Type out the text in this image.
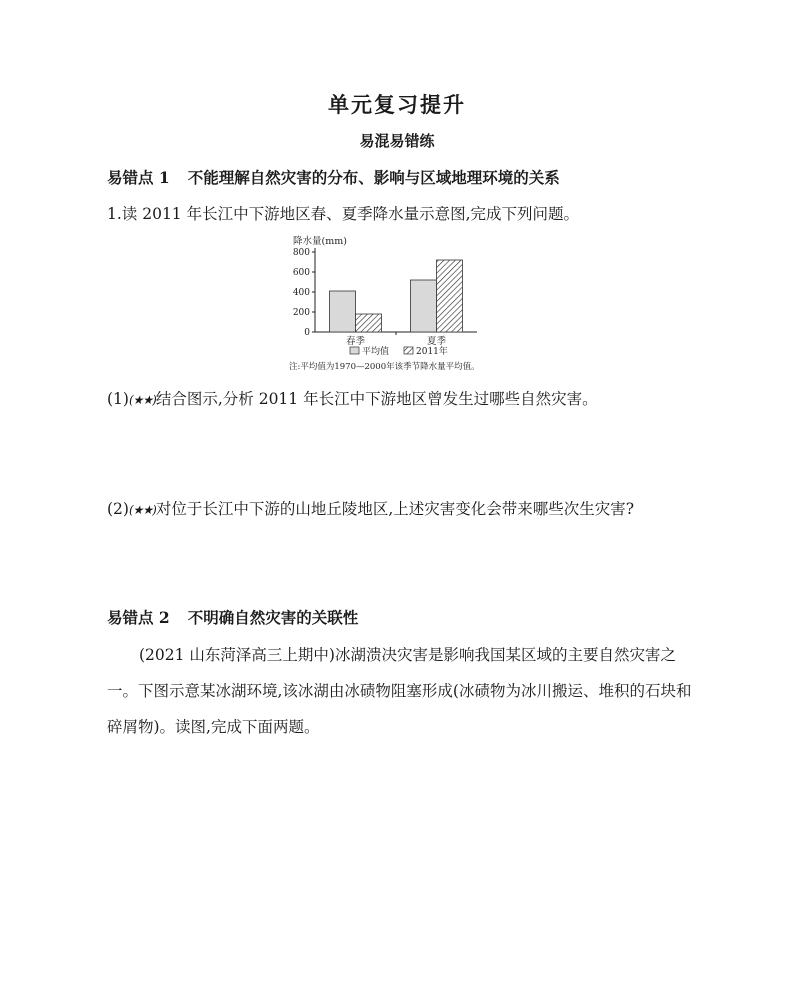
单元复习提升
易混易错练
易错点 1 不能理解自然灾害的分布、影响与区域地理环境的关系
1.读 2011 年长江中下游地区春、夏季降水量示意图,完成下列问题。
降水量(mm)
0
200
400
600
800
春季	夏季
平均值	2011年
注:平均值为1970—2000年该季节降水量平均值。
(1)(★★)结合图示,分析 2011 年长江中下游地区曾发生过哪些自然灾害。
(2)(★★)对位于长江中下游的山地丘陵地区,上述灾害变化会带来哪些次生灾害?
易错点 2 不明确自然灾害的关联性
(2021 山东菏泽高三上期中)冰湖溃决灾害是影响我国某区域的主要自然灾害之一。下图示意某冰湖环境,该冰湖由冰碛物阻塞形成(冰碛物为冰川搬运、堆积的石块和碎屑物)。读图,完成下面两题。
